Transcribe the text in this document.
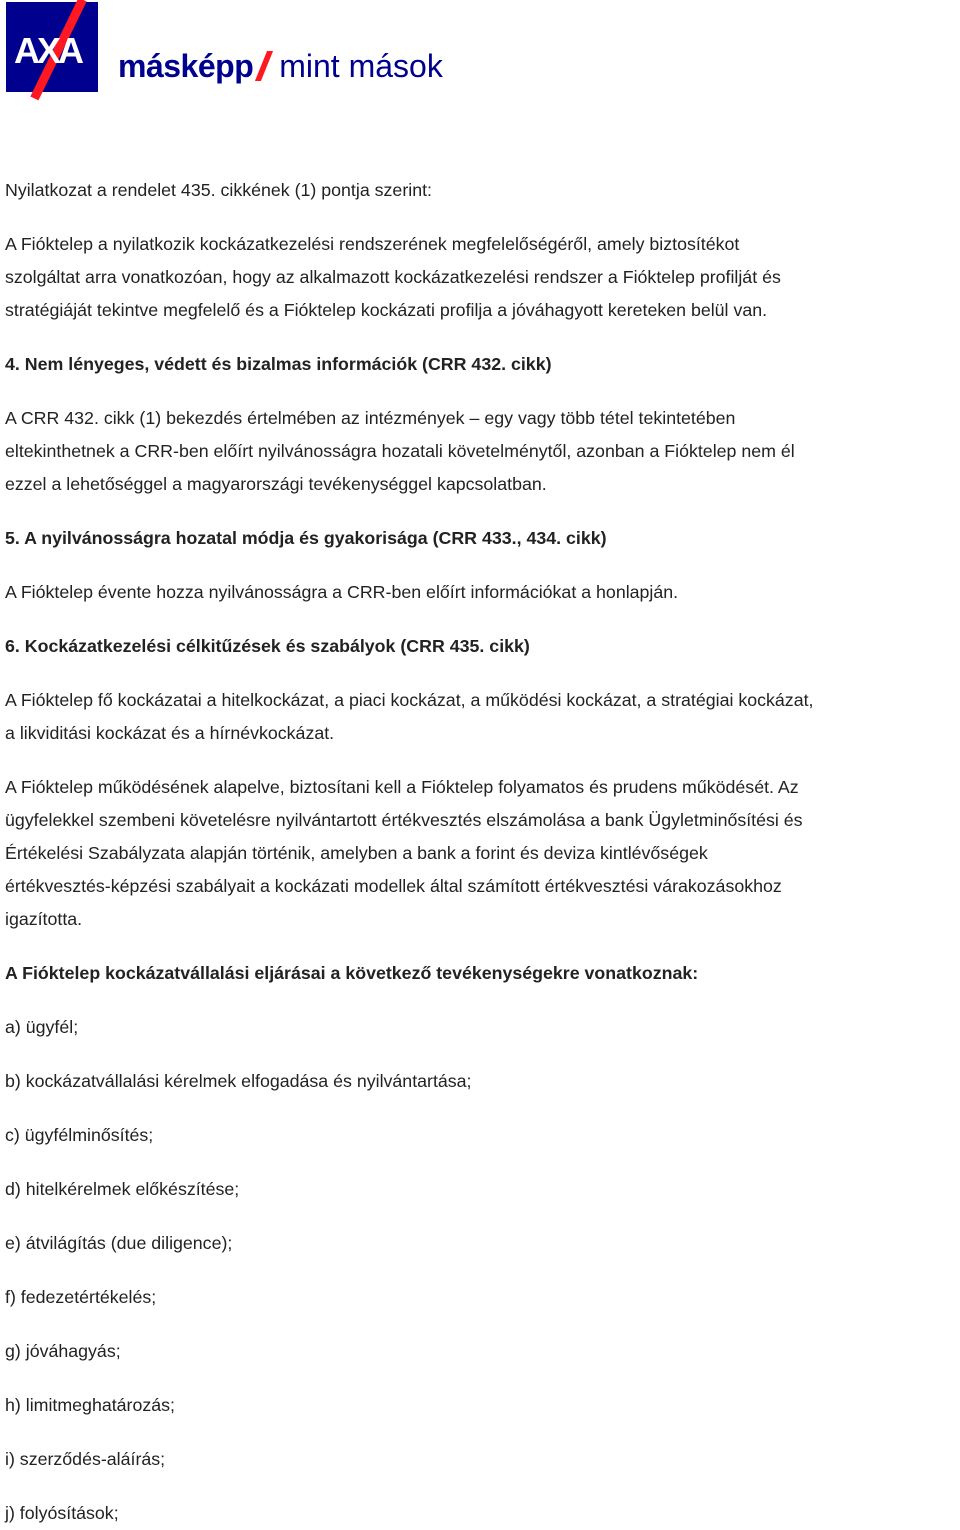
AXA másképp mint mások

Nyilatkozat a rendelet 435. cikkének (1) pontja szerint:

A Fióktelep a nyilatkozik kockázatkezelési rendszerének megfelelőségéről, amely biztosítékot

szolgáltat arra vonatkozóan, hogy az alkalmazott kockázatkezelési rendszer a Fióktelep profilját és

stratégiáját tekintve megfelelő és a Fióktelep kockázati profilja a jóváhagyott kereteken belül van.

4. Nem lényeges, védett és bizalmas információk (CRR 432. cikk)

A CRR 432. cikk (1) bekezdés értelmében az intézmények – egy vagy több tétel tekintetében

eltekinthetnek a CRR-ben előírt nyilvánosságra hozatali követelménytől, azonban a Fióktelep nem él

ezzel a lehetőséggel a magyarországi tevékenységgel kapcsolatban.

5. A nyilvánosságra hozatal módja és gyakorisága (CRR 433., 434. cikk)

A Fióktelep évente hozza nyilvánosságra a CRR-ben előírt információkat a honlapján.

6. Kockázatkezelési célkitűzések és szabályok (CRR 435. cikk)

A Fióktelep fő kockázatai a hitelkockázat, a piaci kockázat, a működési kockázat, a stratégiai kockázat,

a likviditási kockázat és a hírnévkockázat.

A Fióktelep működésének alapelve, biztosítani kell a Fióktelep folyamatos és prudens működését. Az

ügyfelekkel szembeni követelésre nyilvántartott értékvesztés elszámolása a bank Ügyletminősítési és

Értékelési Szabályzata alapján történik, amelyben a bank a forint és deviza kintlévőségek

értékvesztés-képzési szabályait a kockázati modellek által számított értékvesztési várakozásokhoz

igazította.

A Fióktelep kockázatvállalási eljárásai a következő tevékenységekre vonatkoznak:

a) ügyfél;

b) kockázatvállalási kérelmek elfogadása és nyilvántartása;

c) ügyfélminősítés;

d) hitelkérelmek előkészítése;

e) átvilágítás (due diligence);

f) fedezetértékelés;

g) jóváhagyás;

h) limitmeghatározás;

i) szerződés-aláírás;

j) folyósítások;
